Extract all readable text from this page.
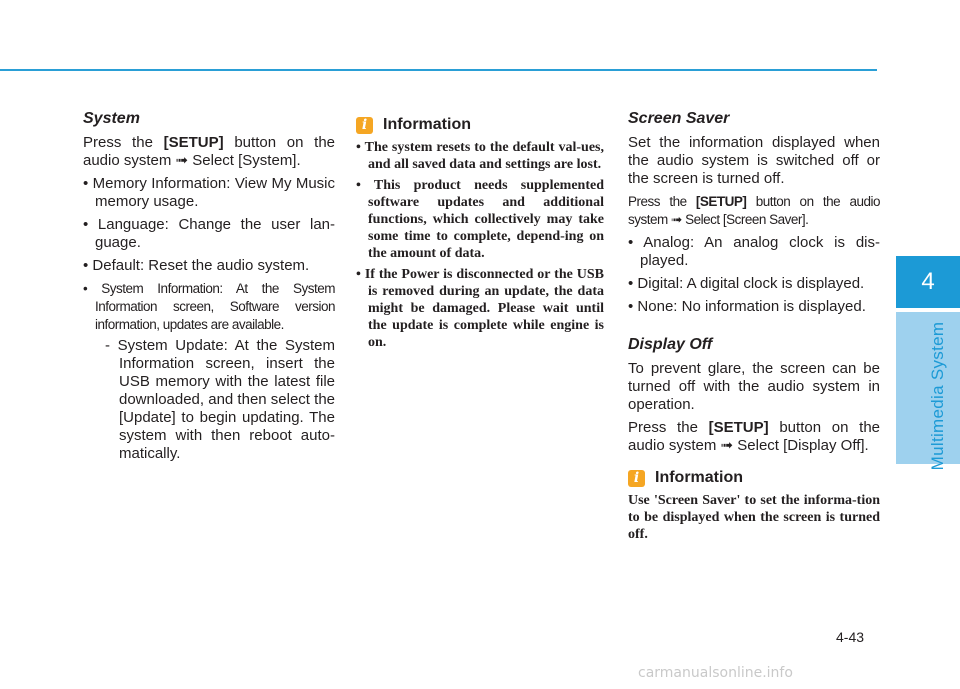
4
Multimedia System
System

Press the [SETUP] button on the audio system ➟ Select [System].

• Memory Information: View My Music memory usage.
• Language: Change the user lan-guage.
• Default: Reset the audio system.
• System Information: At the System Information screen, Software version information, updates are available.
- System Update: At the System Information screen, insert the USB memory with the latest file downloaded, and then select the [Update] to begin updating. The system with then reboot auto-matically.
i Information
• The system resets to the default val-ues, and all saved data and settings are lost.
• This product needs supplemented software updates and additional functions, which collectively may take some time to complete, depend-ing on the amount of data.
• If the Power is disconnected or the USB is removed during an update, the data might be damaged. Please wait until the update is complete while engine is on.
Screen Saver

Set the information displayed when the audio system is switched off or the screen is turned off.

Press the [SETUP] button on the audio system ➟ Select [Screen Saver].

• Analog: An analog clock is dis-played.
• Digital: A digital clock is displayed.
• None: No information is displayed.
Display Off

To prevent glare, the screen can be turned off with the audio system in operation.

Press the [SETUP] button on the audio system ➟ Select [Display Off].

i Information

Use 'Screen Saver' to set the informa-tion to be displayed when the screen is turned off.

4-43
carmanualsonline.info
